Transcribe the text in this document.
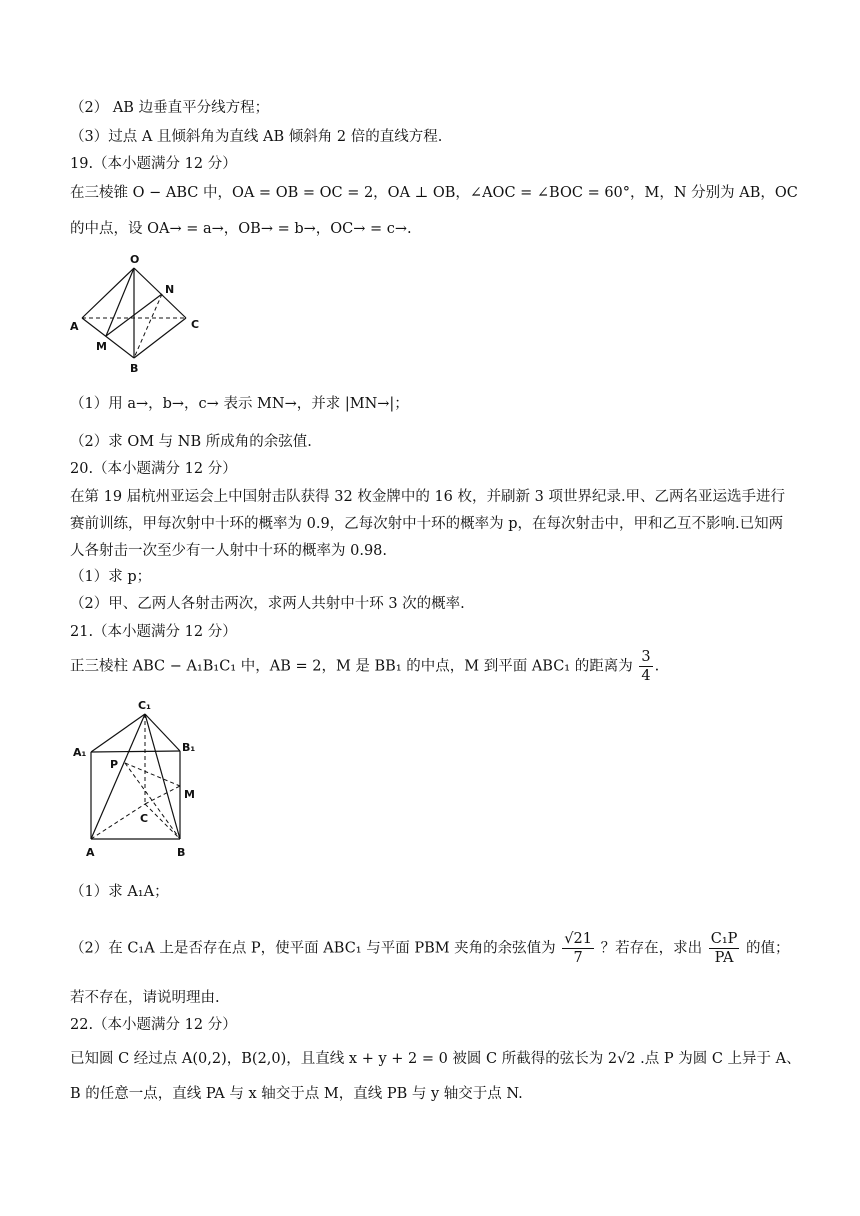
（2） AB 边垂直平分线方程；
（3）过点 A 且倾斜角为直线 AB 倾斜角 2 倍的直线方程.
19.（本小题满分 12 分）
在三棱锥 O − ABC 中，OA = OB = OC = 2，OA ⊥ OB，∠AOC = ∠BOC = 60°，M，N 分别为 AB，OC
的中点，设 OA→ = a→，OB→ = b→，OC→ = c→.
O
N
A	C
M
B
（1）用 a→，b→，c→ 表示 MN→，并求 |MN→|；
（2）求 OM 与 NB 所成角的余弦值.
20.（本小题满分 12 分）
在第 19 届杭州亚运会上中国射击队获得 32 枚金牌中的 16 枚，并刷新 3 项世界纪录.甲、乙两名亚运选手进行赛前训练，甲每次射中十环的概率为 0.9，乙每次射中十环的概率为 p，在每次射击中，甲和乙互不影响.已知两人各射击一次至少有一人射中十环的概率为 0.98.
（1）求 p；
（2）甲、乙两人各射击两次，求两人共射中十环 3 次的概率.
21.（本小题满分 12 分）
正三棱柱 ABC − A₁B₁C₁ 中，AB = 2，M 是 BB₁ 的中点，M 到平面 ABC₁ 的距离为 $\frac{3}{4}$ .
C₁
A₁	B₁
P
M
C
A	B
（1）求 A₁A；
（2）在 C₁A 上是否存在点 P，使平面 ABC₁ 与平面 PBM 夹角的余弦值为 $\frac{√21}{7}$ ？若存在，求出 $\frac{\text{C₁P}}{PA}$ 的值；
若不存在，请说明理由.
22.（本小题满分 12 分）
已知圆 C 经过点 A(0,2)，B(2,0)，且直线 x + y + 2 = 0 被圆 C 所截得的弦长为 2√2 .点 P 为圆 C 上异于 A、
B 的任意一点，直线 PA 与 x 轴交于点 M，直线 PB 与 y 轴交于点 N.
